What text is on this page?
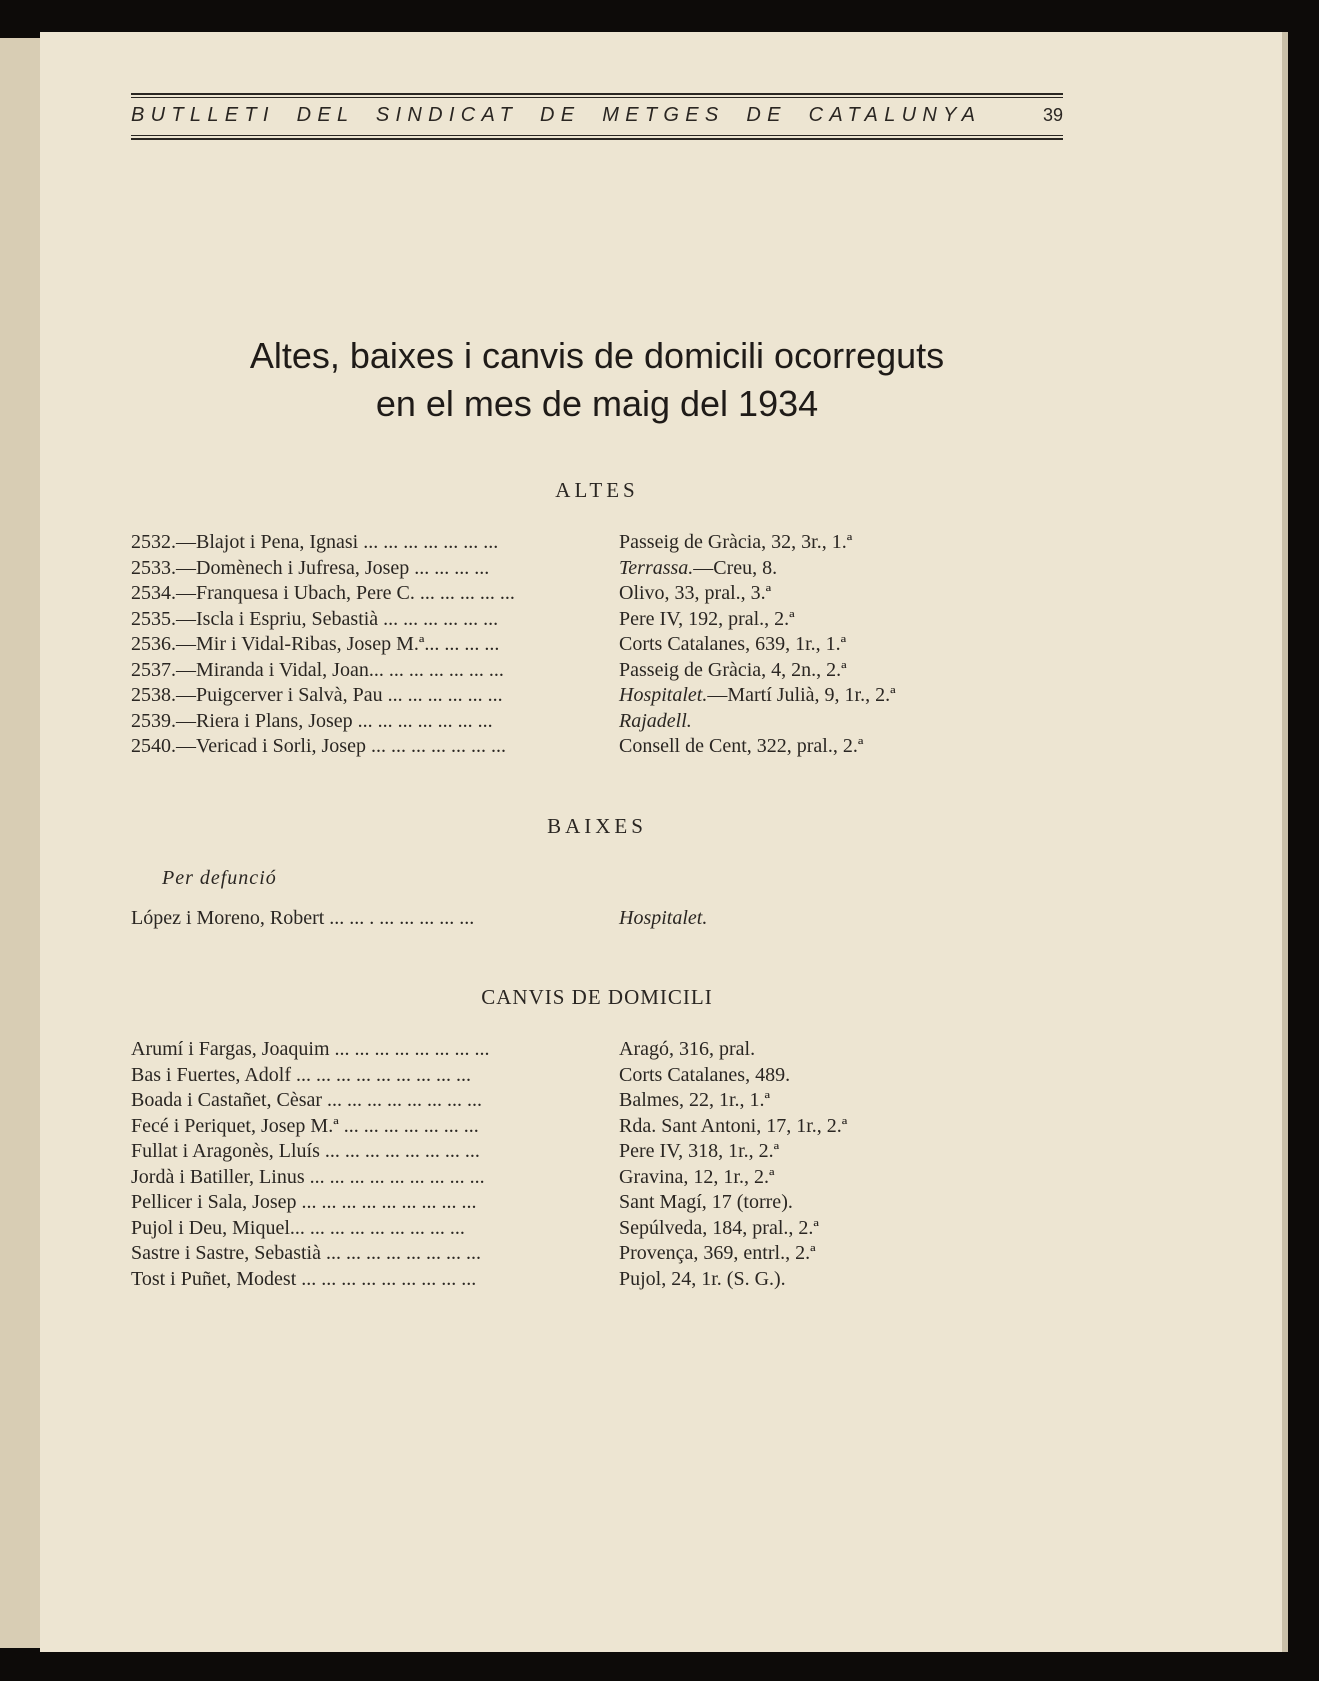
BUTLLETI DEL SINDICAT DE METGES DE CATALUNYA	39
Altes, baixes i canvis de domicili ocorreguts
en el mes de maig del 1934
ALTES
2532.—Blajot i Pena, Ignasi ... ... ... ... ... ... ...	Passeig de Gràcia, 32, 3r., 1.ª
2533.—Domènech i Jufresa, Josep ... ... ... ...	Terrassa.—Creu, 8.
2534.—Franquesa i Ubach, Pere C. ... ... ... ... ...	Olivo, 33, pral., 3.ª
2535.—Iscla i Espriu, Sebastià ... ... ... ... ... ...	Pere IV, 192, pral., 2.ª
2536.—Mir i Vidal-Ribas, Josep M.ª... ... ... ...	Corts Catalanes, 639, 1r., 1.ª
2537.—Miranda i Vidal, Joan... ... ... ... ... ... ...	Passeig de Gràcia, 4, 2n., 2.ª
2538.—Puigcerver i Salvà, Pau ... ... ... ... ... ...	Hospitalet.—Martí Julià, 9, 1r., 2.ª
2539.—Riera i Plans, Josep ... ... ... ... ... ... ...	Rajadell.
2540.—Vericad i Sorli, Josep ... ... ... ... ... ... ...	Consell de Cent, 322, pral., 2.ª
BAIXES
Per defunció
López i Moreno, Robert ... ... . ... ... ... ... ...	Hospitalet.
CANVIS DE DOMICILI
Arumí i Fargas, Joaquim ... ... ... ... ... ... ... ...	Aragó, 316, pral.
Bas i Fuertes, Adolf ... ... ... ... ... ... ... ... ...	Corts Catalanes, 489.
Boada i Castañet, Cèsar ... ... ... ... ... ... ... ...	Balmes, 22, 1r., 1.ª
Fecé i Periquet, Josep M.ª ... ... ... ... ... ... ...	Rda. Sant Antoni, 17, 1r., 2.ª
Fullat i Aragonès, Lluís ... ... ... ... ... ... ... ...	Pere IV, 318, 1r., 2.ª
Jordà i Batiller, Linus ... ... ... ... ... ... ... ... ...	Gravina, 12, 1r., 2.ª
Pellicer i Sala, Josep ... ... ... ... ... ... ... ... ...	Sant Magí, 17 (torre).
Pujol i Deu, Miquel... ... ... ... ... ... ... ... ...	Sepúlveda, 184, pral., 2.ª
Sastre i Sastre, Sebastià ... ... ... ... ... ... ... ...	Provença, 369, entrl., 2.ª
Tost i Puñet, Modest ... ... ... ... ... ... ... ... ...	Pujol, 24, 1r. (S. G.).
